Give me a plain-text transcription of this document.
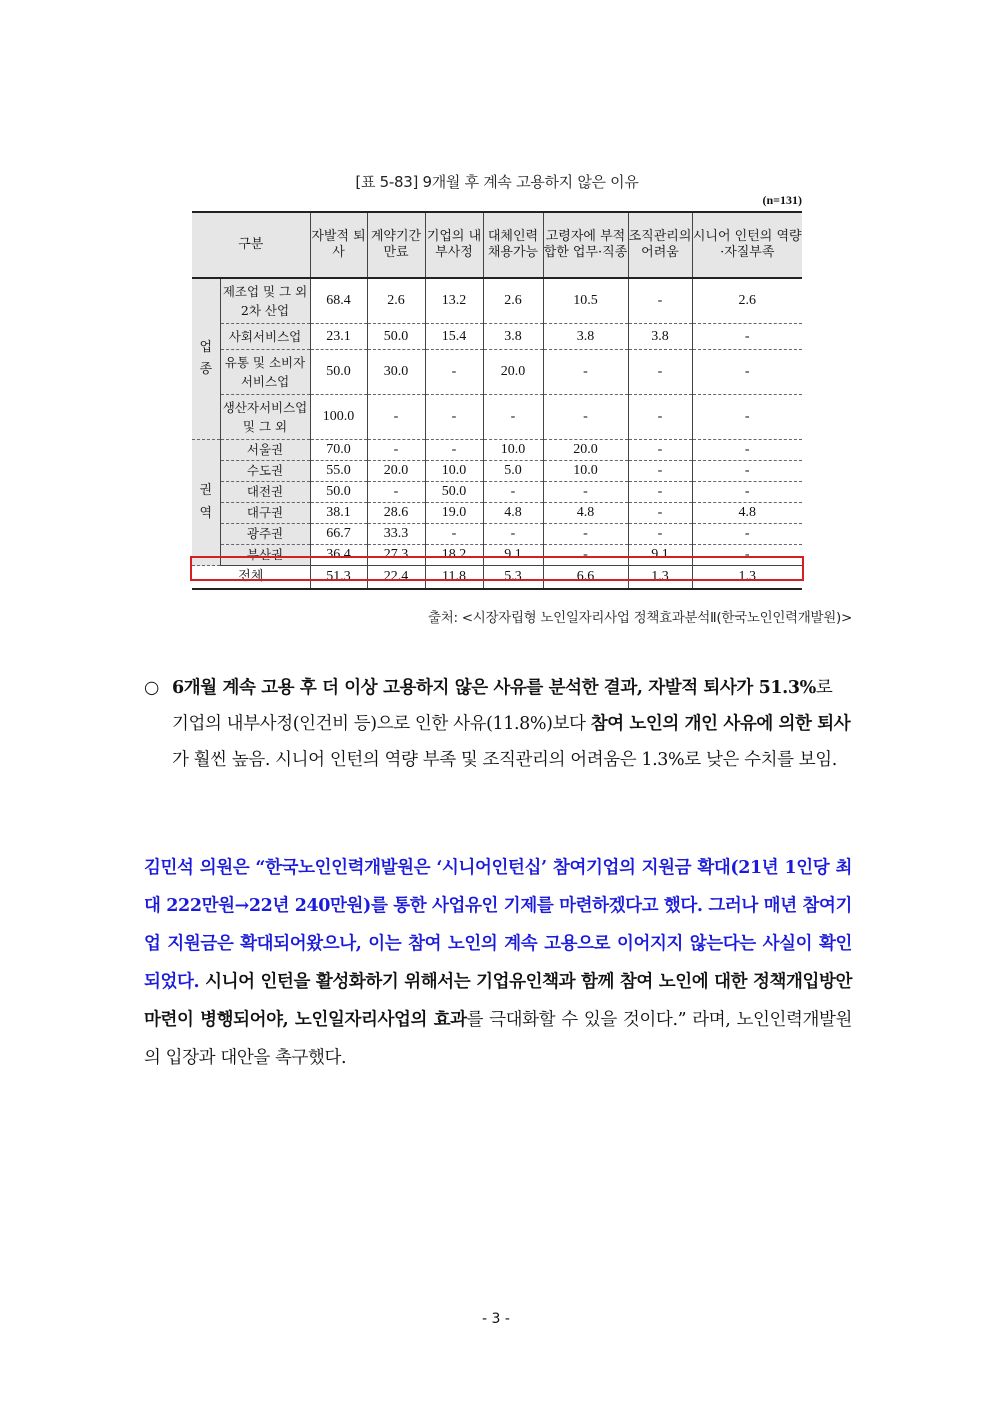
[표 5-83] 9개월 후 계속 고용하지 않은 이유
(n=131)
구분		자발적 퇴사	계약기간 만료	기업의 내부사정	대체인력 채용가능	고령자에 부적합한 업무·직종	조직관리의 어려움	시니어 인턴의 역량·자질부족
업 종	제조업 및 그 외 2차 산업	68.4	2.6	13.2	2.6	10.5	-	2.6
	사회서비스업	23.1	50.0	15.4	3.8	3.8	3.8	-
	유통 및 소비자서비스업	50.0	30.0	-	20.0	-	-	-
	생산자서비스업 및 그 외	100.0	-	-	-	-	-	-
권 역	서울권	70.0	-	-	10.0	20.0	-	-
	수도권	55.0	20.0	10.0	5.0	10.0	-	-
	대전권	50.0	-	50.0	-	-	-	-
	대구권	38.1	28.6	19.0	4.8	4.8	-	4.8
	광주권	66.7	33.3	-	-	-	-	-
	부산권	36.4	27.3	18.2	9.1	-	9.1	-
전체		51.3	22.4	11.8	5.3	6.6	1.3	1.3
출처: <시장자립형 노인일자리사업 정책효과분석Ⅱ(한국노인인력개발원)>
○ 6개월 계속 고용 후 더 이상 고용하지 않은 사유를 분석한 결과, 자발적 퇴사가 51.3%로 기업의 내부사정(인건비 등)으로 인한 사유(11.8%)보다 참여 노인의 개인 사유에 의한 퇴사가 훨씬 높음. 시니어 인턴의 역량 부족 및 조직관리의 어려움은 1.3%로 낮은 수치를 보임.
김민석 의원은 “한국노인인력개발원은 ‘시니어인턴십’ 참여기업의 지원금 확대(21년 1인당 최대 222만원→22년 240만원)를 통한 사업유인 기제를 마련하겠다고 했다. 그러나 매년 참여기업 지원금은 확대되어왔으나, 이는 참여 노인의 계속 고용으로 이어지지 않는다는 사실이 확인되었다. 시니어 인턴을 활성화하기 위해서는 기업유인책과 함께 참여 노인에 대한 정책개입방안 마련이 병행되어야, 노인일자리사업의 효과를 극대화할 수 있을 것이다.” 라며, 노인인력개발원의 입장과 대안을 촉구했다.
- 3 -
